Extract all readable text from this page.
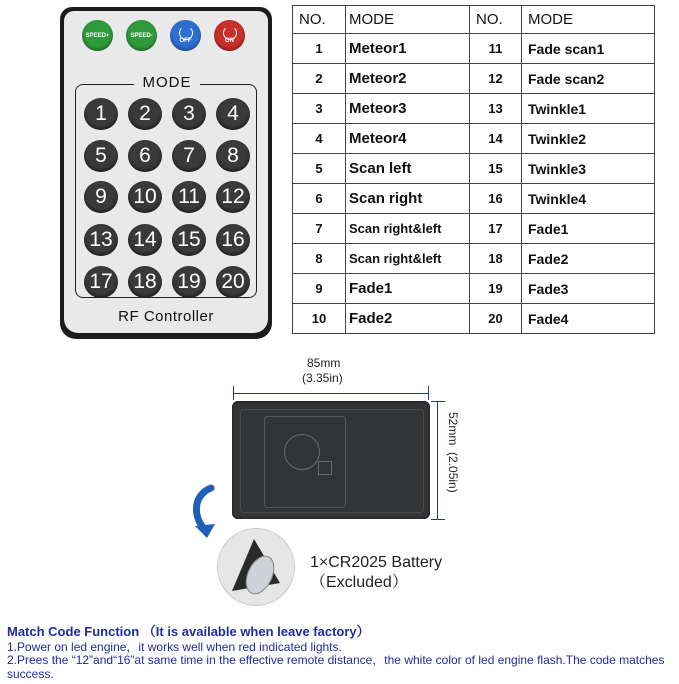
SPEED+	SPEED-
OFF	ON
MODE
RF Controller
1	2	3	4
5	6	7	8
9	10 11 12
13 14 15 16
17 18 19 20
NO.	MODE	NO.	MODE
1	Meteor1	11	Fade scan1
2	Meteor2	12	Fade scan2
3	Meteor3	13	Twinkle1
4	Meteor4	14	Twinkle2
5	Scan left	15	Twinkle3
6	Scan right	16	Twinkle4
7	Scan right&left	17	Fade1
8	Scan right&left	18	Fade2
9	Fade1	19	Fade3
10	Fade2	20	Fade4
85mm
(3.35in)
52mm  (2.05in)
1×CR2025 Battery
（Excluded）
Match Code Function （It is available when leave factory）
1.Power on led engine，it works well when red indicated lights.
2.Prees the “12”and“16”at same time in the effective remote distance，the white color of led engine flash.The code matches success.
